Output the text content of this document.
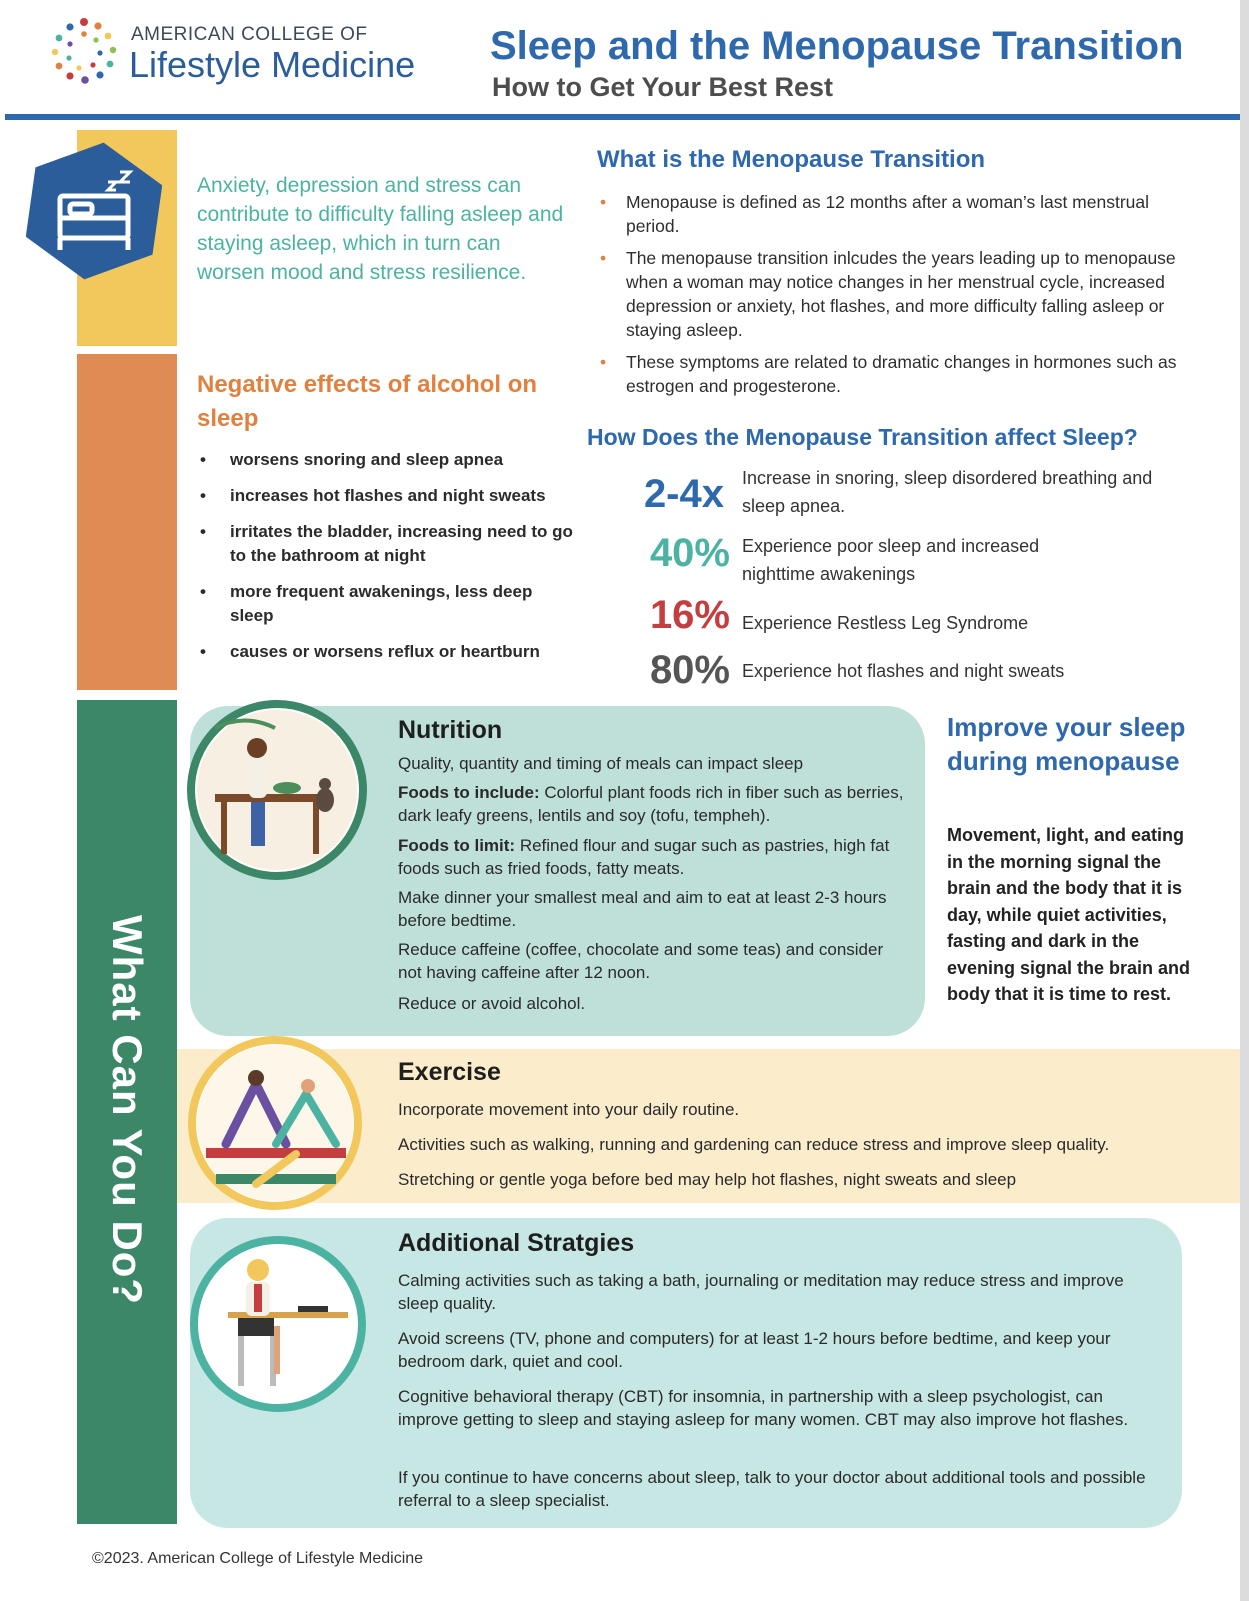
AMERICAN COLLEGE OF
Lifestyle Medicine Sleep and the Menopause Transition
How to Get Your Best Rest
What Can You Do?
Anxiety, depression and stress can contribute to difficulty falling asleep and staying asleep, which in turn can worsen mood and stress resilience.
Negative effects of alcohol on sleep
• worsens snoring and sleep apnea
• increases hot flashes and night sweats
• irritates the bladder, increasing need to go to the bathroom at night
• more frequent awakenings, less deep sleep
• causes or worsens reflux or heartburn
What is the Menopause Transition
• Menopause is defined as 12 months after a woman’s last menstrual period.
• The menopause transition inlcudes the years leading up to menopause when a woman may notice changes in her menstrual cycle, increased depression or anxiety, hot flashes, and more difficulty falling asleep or staying asleep.
• These symptoms are related to dramatic changes in hormones such as estrogen and progesterone.
How Does the Menopause Transition affect Sleep?
2-4x Increase in snoring, sleep disordered breathing and sleep apnea.
40% Experience poor sleep and increased nighttime awakenings
16% Experience Restless Leg Syndrome
80% Experience hot flashes and night sweats
Nutrition
Quality, quantity and timing of meals can impact sleep
Foods to include: Colorful plant foods rich in fiber such as berries, dark leafy greens, lentils and soy (tofu, tempheh).
Foods to limit: Refined flour and sugar such as pastries, high fat foods such as fried foods, fatty meats.
Make dinner your smallest meal and aim to eat at least 2-3 hours before bedtime.
Reduce caffeine (coffee, chocolate and some teas) and consider not having caffeine after 12 noon.
Reduce or avoid alcohol.
Improve your sleep during menopause
Movement, light, and eating in the morning signal the brain and the body that it is day, while quiet activities, fasting and dark in the evening signal the brain and body that it is time to rest.
Exercise
Incorporate movement into your daily routine.
Activities such as walking, running and gardening can reduce stress and improve sleep quality.
Stretching or gentle yoga before bed may help hot flashes, night sweats and sleep
Additional Stratgies
Calming activities such as taking a bath, journaling or meditation may reduce stress and improve sleep quality.
Avoid screens (TV, phone and computers) for at least 1-2 hours before bedtime, and keep your bedroom dark, quiet and cool.
Cognitive behavioral therapy (CBT) for insomnia, in partnership with a sleep psychologist, can improve getting to sleep and staying asleep for many women. CBT may also improve hot flashes.
If you continue to have concerns about sleep, talk to your doctor about additional tools and possible referral to a sleep specialist.
©2023. American College of Lifestyle Medicine
